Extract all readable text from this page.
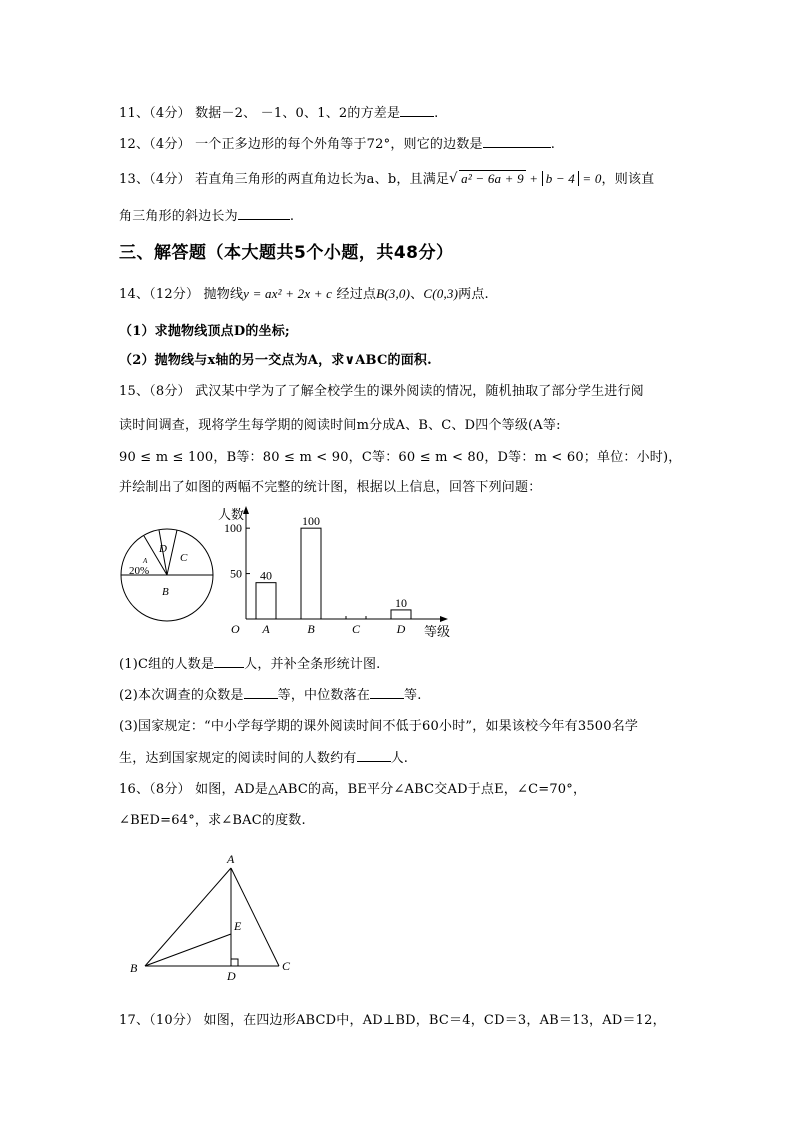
11、（4分） 数据－2、 －1、0、1、2的方差是	.
12、（4分） 一个正多边形的每个外角等于72°，则它的边数是	.
13、（4分） 若直角三角形的两直角边长为a、b，且满足 √ a² − 6a + 9 + b − 4 = 0，则该直
角三角形的斜边长为	.
三、解答题（本大题共5个小题，共48分）
14、（12分） 抛物线y = ax² + 2x + c 经过点B(3,0)、C(0,3)两点.
（1）求抛物线顶点D的坐标;
（2）抛物线与x轴的另一交点为A，求∨ABC的面积.
15、（8分） 武汉某中学为了了解全校学生的课外阅读的情况，随机抽取了部分学生进行阅
读时间调查，现将学生每学期的阅读时间m分成A、B、C、D四个等级(A等:
90 ≤ m ≤ 100，B等：80 ≤ m < 90，C等：60 ≤ m < 80，D等：m < 60；单位：小时)，
并绘制出了如图的两幅不完整的统计图，根据以上信息，回答下列问题：
D
C
A
20%
B
人数
等级
O
40
A
100
B	C
10
D
50
100
(1)C组的人数是 人，并补全条形统计图.
(2)本次调查的众数是	等，中位数落在	等.
(3)国家规定：“中小学每学期的课外阅读时间不低于60小时”，如果该校今年有3500名学
生，达到国家规定的阅读时间的人数约有	人.
16、（8分） 如图，AD是△ABC的高，BE平分∠ABC交AD于点E，∠C=70°，
∠BED=64°，求∠BAC的度数.
A
B	C
D
E
17、（10分） 如图，在四边形ABCD中，AD⊥BD，BC＝4，CD＝3，AB＝13，AD＝12，
